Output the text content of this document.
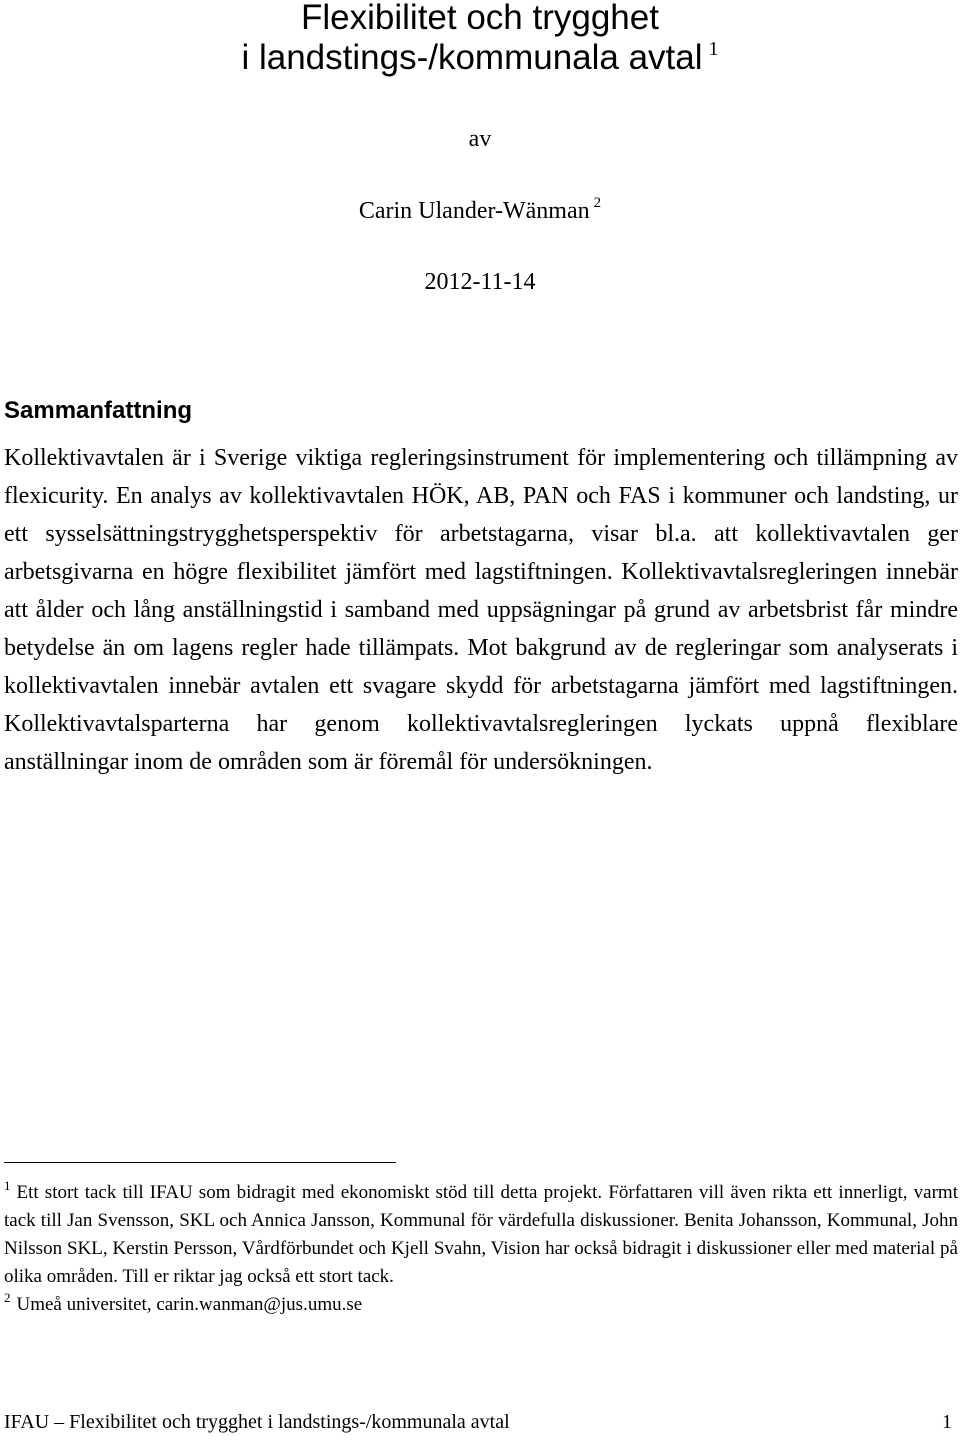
Flexibilitet och trygghet
i landstings-/kommunala avtal $^1$
av
Carin Ulander-Wänman $^2$
2012-11-14
Sammanfattning

Kollektivavtalen är i Sverige viktiga regleringsinstrument för implementering och tillämpning av flexicurity. En analys av kollektivavtalen HÖK, AB, PAN och FAS i kommuner och landsting, ur ett sysselsättningstrygghetsperspektiv för arbetstagarna, visar bl.a. att kollektivavtalen ger arbetsgivarna en högre flexibilitet jämfört med lagstiftningen. Kollektivavtalsregleringen innebär att ålder och lång anställningstid i samband med uppsägningar på grund av arbetsbrist får mindre betydelse än om lagens regler hade tillämpats. Mot bakgrund av de regleringar som analyserats i kollektivavtalen innebär avtalen ett svagare skydd för arbetstagarna jämfört med lagstiftningen. Kollektivavtalsparterna har genom kollektivavtalsregleringen lyckats uppnå flexiblare anställningar inom de områden som är föremål för undersökningen.

$^1$ Ett stort tack till IFAU som bidragit med ekonomiskt stöd till detta projekt. Författaren vill även rikta ett innerligt, varmt tack till Jan Svensson, SKL och Annica Jansson, Kommunal för värdefulla diskussioner. Benita Johansson, Kommunal, John Nilsson SKL, Kerstin Persson, Vårdförbundet och Kjell Svahn, Vision har också bidragit i diskussioner eller med material på olika områden. Till er riktar jag också ett stort tack.

$^2$ Umeå universitet, carin.wanman@jus.umu.se

IFAU – Flexibilitet och trygghet i landstings-/kommunala avtal	1
